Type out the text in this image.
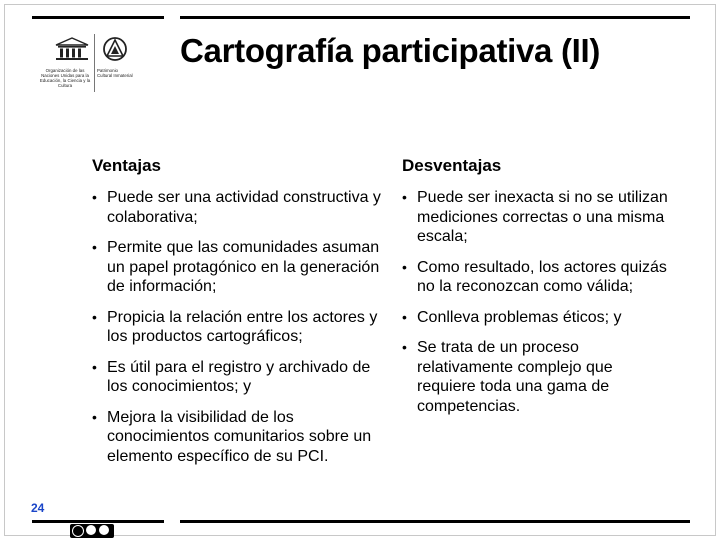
Organización de las Naciones Unidas para la Educación, la Ciencia y la Cultura
Patrimonio Cultural Inmaterial
Cartografía participativa (II)
Ventajas
• Puede ser una actividad constructiva y colaborativa;
• Permite que las comunidades asuman un papel protagónico en la generación de información;
• Propicia la relación entre los actores y los productos cartográficos;
• Es útil para el registro y archivado de los conocimientos; y
• Mejora la visibilidad de los conocimientos comunitarios sobre un elemento específico de su PCI.
Desventajas
• Puede ser inexacta si no se utilizan mediciones correctas o una misma escala;
• Como resultado, los actores quizás no la reconozcan como válida;
• Conlleva problemas éticos; y
• Se trata de un proceso relativamente complejo que requiere toda una gama de competencias.
24
